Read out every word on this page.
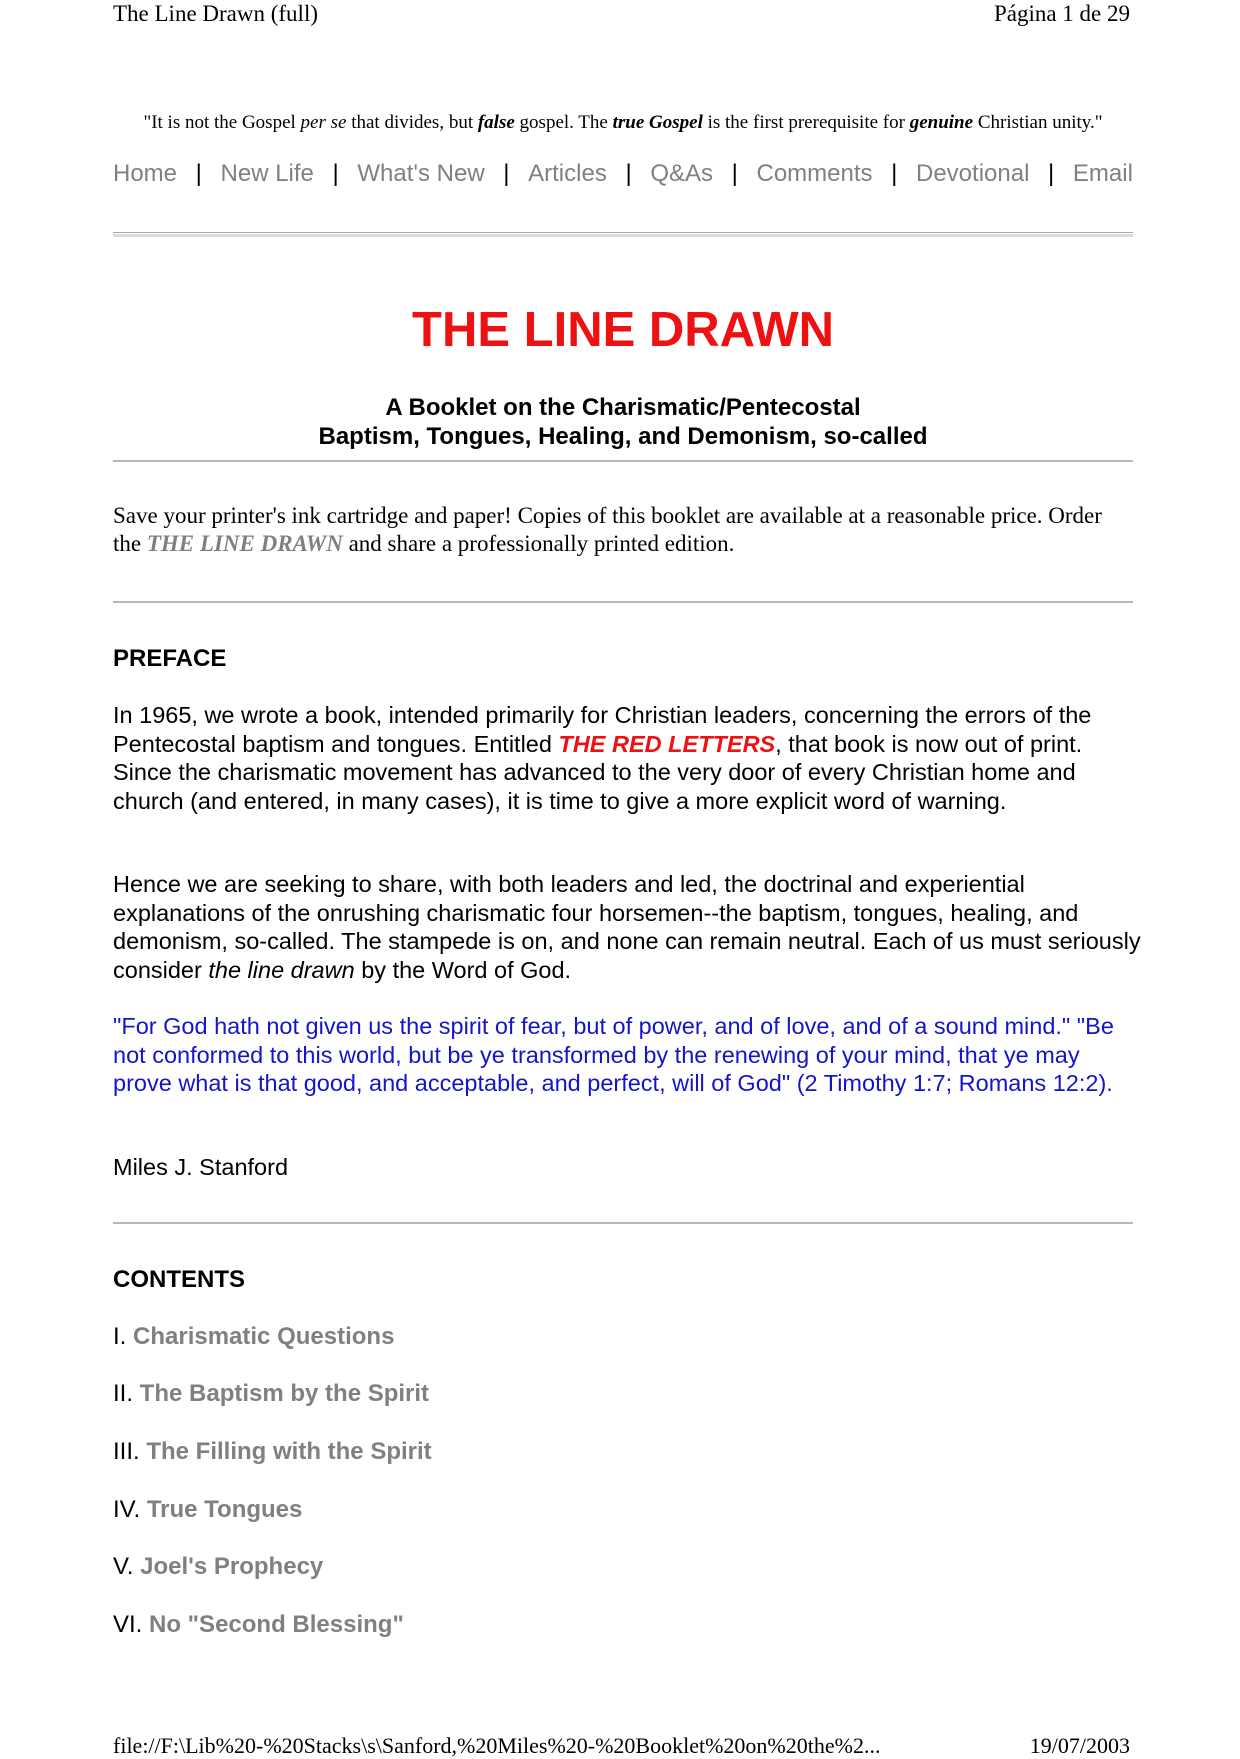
The Line Drawn (full)	Página 1 de 29
"It is not the Gospel per se that divides, but false gospel. The true Gospel is the first prerequisite for genuine Christian unity."
Home | New Life | What's New | Articles | Q&As | Comments | Devotional | Email
THE LINE DRAWN
A Booklet on the Charismatic/Pentecostal
Baptism, Tongues, Healing, and Demonism, so-called
Save your printer's ink cartridge and paper! Copies of this booklet are available at a reasonable price. Order the THE LINE DRAWN and share a professionally printed edition.
PREFACE

In 1965, we wrote a book, intended primarily for Christian leaders, concerning the errors of the Pentecostal baptism and tongues. Entitled THE RED LETTERS, that book is now out of print. Since the charismatic movement has advanced to the very door of every Christian home and church (and entered, in many cases), it is time to give a more explicit word of warning.

Hence we are seeking to share, with both leaders and led, the doctrinal and experiential explanations of the onrushing charismatic four horsemen--the baptism, tongues, healing, and demonism, so-called. The stampede is on, and none can remain neutral. Each of us must seriously consider the line drawn by the Word of God.

"For God hath not given us the spirit of fear, but of power, and of love, and of a sound mind." "Be not conformed to this world, but be ye transformed by the renewing of your mind, that ye may prove what is that good, and acceptable, and perfect, will of God" (2 Timothy 1:7; Romans 12:2).

Miles J. Stanford
CONTENTS
I. Charismatic Questions
II. The Baptism by the Spirit
III. The Filling with the Spirit
IV. True Tongues
V. Joel's Prophecy
VI. No "Second Blessing"
file://F:\Lib%20-%20Stacks\s\Sanford,%20Miles%20-%20Booklet%20on%20the%2...	19/07/2003
